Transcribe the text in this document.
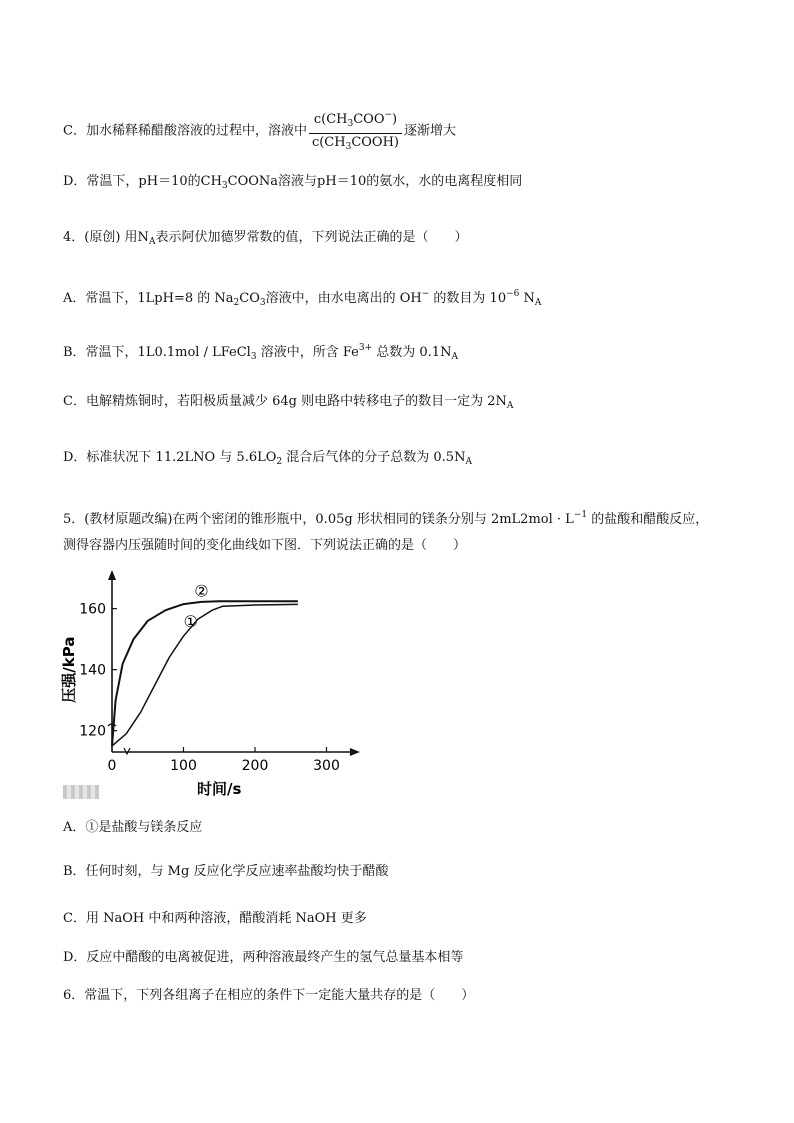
C．加水稀释稀醋酸溶液的过程中，溶液中 $\frac{c(CH_3COO^-)}{c(CH_3COOH)}$ 逐渐增大
D．常温下，pH＝10的$CH_3COONa$溶液与pH＝10的氨水，水的电离程度相同
4．(原创) 用$N_A$表示阿伏加德罗常数的值，下列说法正确的是（　　）
A．常温下，1LpH=8 的 $Na_2CO_3$溶液中，由水电离出的 OH− 的数目为 $10^{-6}$ $N_A$
B．常温下，1L0.1mol / LFeCl$_3$ 溶液中，所含 $Fe^{3+}$ 总数为 $0.1N_A$
C．电解精炼铜时，若阳极质量减少 64g 则电路中转移电子的数目一定为 $2N_A$
D．标准状况下 11.2LNO 与 $5.6LO_2$ 混合后气体的分子总数为 $0.5N_A$
5．(教材原题改编)在两个密闭的锥形瓶中，0.05g 形状相同的镁条分别与 $2mL2mol \cdot L^{-1}$ 的盐酸和醋酸反应，
测得容器内压强随时间的变化曲线如下图．下列说法正确的是（　　）
0	100	200	300
120
140
160
时间/s
压强/kPa
②
①
A．①是盐酸与镁条反应
B．任何时刻，与 Mg 反应化学反应速率盐酸均快于醋酸
C．用 NaOH 中和两种溶液，醋酸消耗 NaOH 更多
D．反应中醋酸的电离被促进，两种溶液最终产生的氢气总量基本相等
6．常温下，下列各组离子在相应的条件下一定能大量共存的是（　　）
